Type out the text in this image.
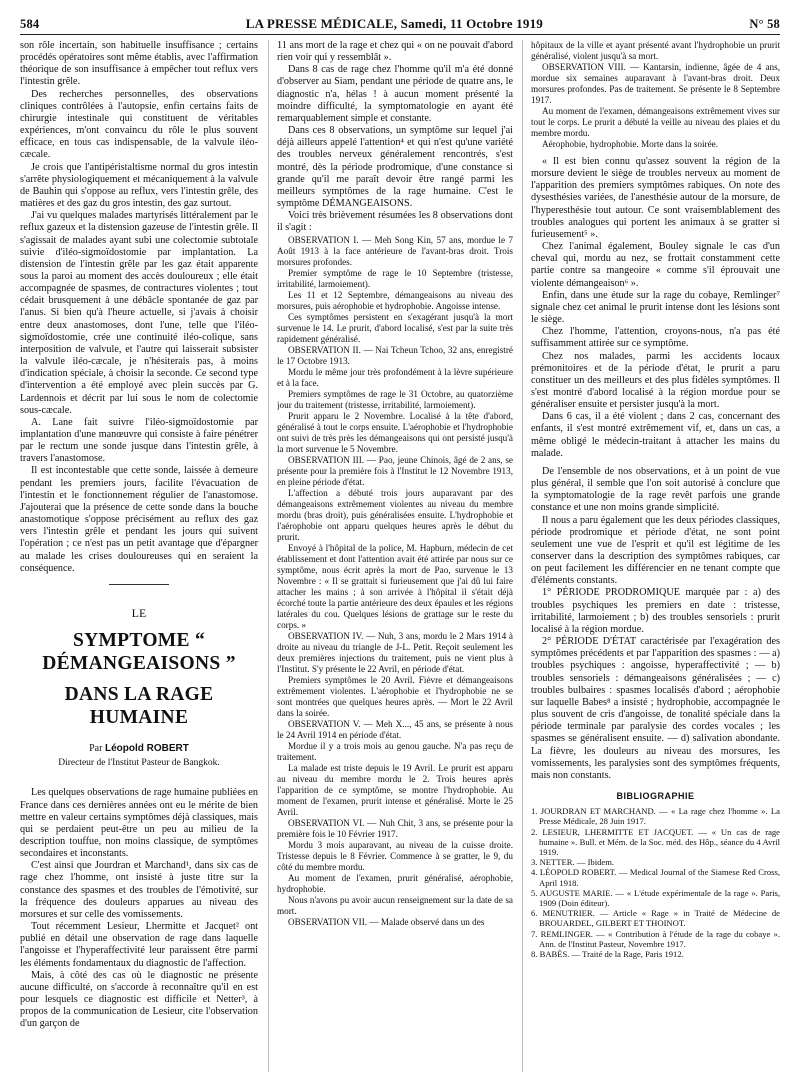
584	LA PRESSE MÉDICALE, Samedi, 11 Octobre 1919	N° 58

son rôle incertain, son habituelle insuffisance ; certains procédés opératoires sont même établis, avec l'affirmation théorique de son insuffisance à empêcher tout reflux vers l'intestin grêle.

Des recherches personnelles, des observations cliniques contrôlées à l'autopsie, enfin certains faits de chirurgie intestinale qui constituent de véritables expériences, m'ont convaincu du rôle le plus souvent efficace, en tous cas indispensable, de la valvule iléo-cæcale.

Je crois que l'antipéristaltisme normal du gros intestin s'arrête physiologiquement et mécaniquement à la valvule de Bauhin qui s'oppose au reflux, vers l'intestin grêle, des matières et des gaz du gros intestin, des gaz surtout.

J'ai vu quelques malades martyrisés littéralement par le reflux gazeux et la distension gazeuse de l'intestin grêle. Il s'agissait de malades ayant subi une colectomie subtotale suivie d'iléo-sigmoïdostomie par implantation. La distension de l'intestin grêle par les gaz était apparente sous la paroi au moment des accès douloureux ; elle était accompagnée de spasmes, de contractures violentes ; tout cédait brusquement à une débâcle spontanée de gaz par l'anus. Si bien qu'à l'heure actuelle, si j'avais à choisir entre deux anastomoses, dont l'une, telle que l'iléo-sigmoïdostomie, crée une continuité iléo-colique, sans interposition de valvule, et l'autre qui laisserait subsister la valvule iléo-cæcale, je n'hésiterais pas, à moins d'indication spéciale, à choisir la seconde. Ce second type d'intervention a été employé avec plein succès par G. Lardennois et décrit par lui sous le nom de colectomie sous-cæcale.

A. Lane fait suivre l'iléo-sigmoïdostomie par implantation d'une manœuvre qui consiste à faire pénétrer par le rectum une sonde jusque dans l'intestin grêle, à travers l'anastomose.

Il est incontestable que cette sonde, laissée à demeure pendant les premiers jours, facilite l'évacuation de l'intestin et le fonctionnement régulier de l'anastomose. J'ajouterai que la présence de cette sonde dans la bouche anastomotique s'oppose précisément au reflux des gaz vers l'intestin grêle et pendant les jours qui suivent l'opération ; ce n'est pas un petit avantage que d'épargner au malade les crises douloureuses qui en seraient la conséquence.

LE
SYMPTOME “ DÉMANGEAISONS ”
DANS LA RAGE HUMAINE
Par Léopold ROBERT
Directeur de l'Institut Pasteur de Bangkok.

Les quelques observations de rage humaine publiées en France dans ces dernières années ont eu le mérite de bien mettre en valeur certains symptômes déjà classiques, mais qui se perdaient peut-être un peu au milieu de la description touffue, non moins classique, de symptômes secondaires et inconstants.

C'est ainsi que Jourdran et Marchand¹, dans six cas de rage chez l'homme, ont insisté à juste titre sur la constance des spasmes et des troubles de l'émotivité, sur la fréquence des douleurs apparues au niveau des morsures et sur celle des vomissements.

Tout récemment Lesieur, Lhermitte et Jacquet² ont publié en détail une observation de rage dans laquelle l'angoisse et l'hyperaffectivité leur paraissent être parmi les éléments fondamentaux du diagnostic de l'affection.

Mais, à côté des cas où le diagnostic ne présente aucune difficulté, on s'accorde à reconnaître qu'il en est pour lesquels ce diagnostic est difficile et Netter³, à propos de la communication de Lesieur, cite l'observation d'un garçon de

11 ans mort de la rage et chez qui « on ne pouvait d'abord rien voir qui y ressemblât ».

Dans 8 cas de rage chez l'homme qu'il m'a été donné d'observer au Siam, pendant une période de quatre ans, le diagnostic n'a, hélas ! à aucun moment présenté la moindre difficulté, la symptomatologie en ayant été remarquablement simple et constante.

Dans ces 8 observations, un symptôme sur lequel j'ai déjà ailleurs appelé l'attention⁴ et qui n'est qu'une variété des troubles nerveux généralement rencontrés, s'est montré, dès la période prodromique, d'une constance si grande qu'il me paraît devoir être rangé parmi les meilleurs symptômes de la rage humaine. C'est le symptôme DÉMANGEAISONS.

Voici très brièvement résumées les 8 observations dont il s'agit :

OBSERVATION I. — Meh Song Kin, 57 ans, mordue le 7 Août 1913 à la face antérieure de l'avant-bras droit. Trois morsures profondes.

Premier symptôme de rage le 10 Septembre (tristesse, irritabilité, larmoiement).

Les 11 et 12 Septembre, démangeaisons au niveau des morsures, puis aérophobie et hydrophobie. Angoisse intense.

Ces symptômes persistent en s'exagérant jusqu'à la mort survenue le 14. Le prurit, d'abord localisé, s'est par la suite très rapidement généralisé.

OBSERVATION II. — Nai Tcheun Tchoo, 32 ans, enregistré le 17 Octobre 1913.

Mordu le même jour très profondément à la lèvre supérieure et à la face.

Premiers symptômes de rage le 31 Octobre, au quatorzième jour du traitement (tristesse, irritabilité, larmoiement).

Prurit apparu le 2 Novembre. Localisé à la tête d'abord, généralisé à tout le corps ensuite. L'aérophobie et l'hydrophobie ont suivi de très près les démangeaisons qui ont persisté jusqu'à la mort survenue le 5 Novembre.

OBSERVATION III. — Pao, jeune Chinois, âgé de 2 ans, se présente pour la première fois à l'Institut le 12 Novembre 1913, en pleine période d'état.

L'affection a débuté trois jours auparavant par des démangeaisons extrêmement violentes au niveau du membre mordu (bras droit), puis généralisées ensuite. L'hydrophobie et l'aérophobie ont apparu quelques heures après le début du prurit.

Envoyé à l'hôpital de la police, M. Hapburn, médecin de cet établissement et dont l'attention avait été attirée par nous sur ce symptôme, nous écrit après la mort de Pao, survenue le 13 Novembre : « Il se grattait si furieusement que j'ai dû lui faire attacher les mains ; à son arrivée à l'hôpital il s'était déjà écorché toute la partie antérieure des deux épaules et les régions latérales du cou. Quelques lésions de grattage sur le reste du corps. »

OBSERVATION IV. — Nuh, 3 ans, mordu le 2 Mars 1914 à droite au niveau du triangle de J-L. Petit. Reçoit seulement les deux premières injections du traitement, puis ne vient plus à l'Institut. S'y présente le 22 Avril, en période d'état.

Premiers symptômes le 20 Avril. Fièvre et démangeaisons extrêmement violentes. L'aérophobie et l'hydrophobie ne se sont montrées que quelques heures après. — Mort le 22 Avril dans la soirée.

OBSERVATION V. — Meh X..., 45 ans, se présente à nous le 24 Avril 1914 en période d'état.

Mordue il y a trois mois au genou gauche. N'a pas reçu de traitement.

La malade est triste depuis le 19 Avril. Le prurit est apparu au niveau du membre mordu le 2. Trois heures après l'apparition de ce symptôme, se montre l'hydrophobie. Au moment de l'examen, prurit intense et généralisé. Morte le 25 Avril.

OBSERVATION VI. — Nuh Chit, 3 ans, se présente pour la première fois le 10 Février 1917.

Mordu 3 mois auparavant, au niveau de la cuisse droite. Tristesse depuis le 8 Février. Commence à se gratter, le 9, du côté du membre mordu.

Au moment de l'examen, prurit généralisé, aérophobie, hydrophobie.

Nous n'avons pu avoir aucun renseignement sur la date de sa mort.

OBSERVATION VII. — Malade observé dans un des

hôpitaux de la ville et ayant présenté avant l'hydrophobie un prurit généralisé, violent jusqu'à sa mort.

OBSERVATION VIII. — Kantarsin, indienne, âgée de 4 ans, mordue six semaines auparavant à l'avant-bras droit. Deux morsures profondes. Pas de traitement. Se présente le 8 Septembre 1917.

Au moment de l'examen, démangeaisons extrêmement vives sur tout le corps. Le prurit a débuté la veille au niveau des plaies et du membre mordu.

Aérophobie, hydrophobie. Morte dans la soirée.

« Il est bien connu qu'assez souvent la région de la morsure devient le siège de troubles nerveux au moment de l'apparition des premiers symptômes rabiques. On note des dysesthésies variées, de l'anesthésie autour de la morsure, de l'hyperesthésie tout autour. Ce sont vraisemblablement des troubles analogues qui portent les animaux à se gratter si furieusement⁵ ».

Chez l'animal également, Bouley signale le cas d'un cheval qui, mordu au nez, se frottait constamment cette partie contre sa mangeoire « comme s'il éprouvait une violente démangeaison⁶ ».

Enfin, dans une étude sur la rage du cobaye, Remlinger⁷ signale chez cet animal le prurit intense dont les lésions sont le siège.

Chez l'homme, l'attention, croyons-nous, n'a pas été suffisamment attirée sur ce symptôme.

Chez nos malades, parmi les accidents locaux prémonitoires et de la période d'état, le prurit a paru constituer un des meilleurs et des plus fidèles symptômes. Il s'est montré d'abord localisé à la région mordue pour se généraliser ensuite et persister jusqu'à la mort.

Dans 6 cas, il a été violent ; dans 2 cas, concernant des enfants, il s'est montré extrêmement vif, et, dans un cas, a même obligé le médecin-traitant à attacher les mains du malade.

De l'ensemble de nos observations, et à un point de vue plus général, il semble que l'on soit autorisé à conclure que la symptomatologie de la rage revêt parfois une grande constance et une non moins grande simplicité.

Il nous a paru également que les deux périodes classiques, période prodromique et période d'état, ne sont point seulement une vue de l'esprit et qu'il est légitime de les conserver dans la description des symptômes rabiques, car on peut facilement les différencier en ne tenant compte que d'éléments constants.

1° PÉRIODE PRODROMIQUE marquée par : a) des troubles psychiques les premiers en date : tristesse, irritabilité, larmoiement ; b) des troubles sensoriels : prurit localisé à la région mordue.

2° PÉRIODE D'ÉTAT caractérisée par l'exagération des symptômes précédents et par l'apparition des spasmes : — a) troubles psychiques : angoisse, hyperaffectivité ; — b) troubles sensoriels : démangeaisons généralisées ; — c) troubles bulbaires : spasmes localisés d'abord ; aérophobie sur laquelle Babes⁸ a insisté ; hydrophobie, accompagnée le plus souvent de cris d'angoisse, de tonalité spéciale dans la période terminale par paralysie des cordes vocales ; les spasmes se généralisent ensuite. — d) salivation abondante. La fièvre, les douleurs au niveau des morsures, les vomissements, les paralysies sont des symptômes fréquents, mais non constants.

BIBLIOGRAPHIE

1. JOURDRAN ET MARCHAND. — « La rage chez l'homme ». La Presse Médicale, 28 Juin 1917.

2. LESIEUR, LHERMITTE ET JACQUET. — « Un cas de rage humaine ». Bull. et Mém. de la Soc. méd. des Hôp., séance du 4 Avril 1919.

3. NETTER. — Ibidem.

4. LÉOPOLD ROBERT. — Medical Journal of the Siamese Red Cross, April 1918.

5. AUGUSTE MARIE. — « L'étude expérimentale de la rage ». Paris, 1909 (Doin éditeur).

6. MENUTRIER. — Article « Rage » in Traité de Médecine de BROUARDEL, GILBERT ET THOINOT.

7. REMLINGER. — « Contribution à l'étude de la rage du cobaye ». Ann. de l'Institut Pasteur, Novembre 1917.

8. BABÈS. — Traité de la Rage, Paris 1912.
